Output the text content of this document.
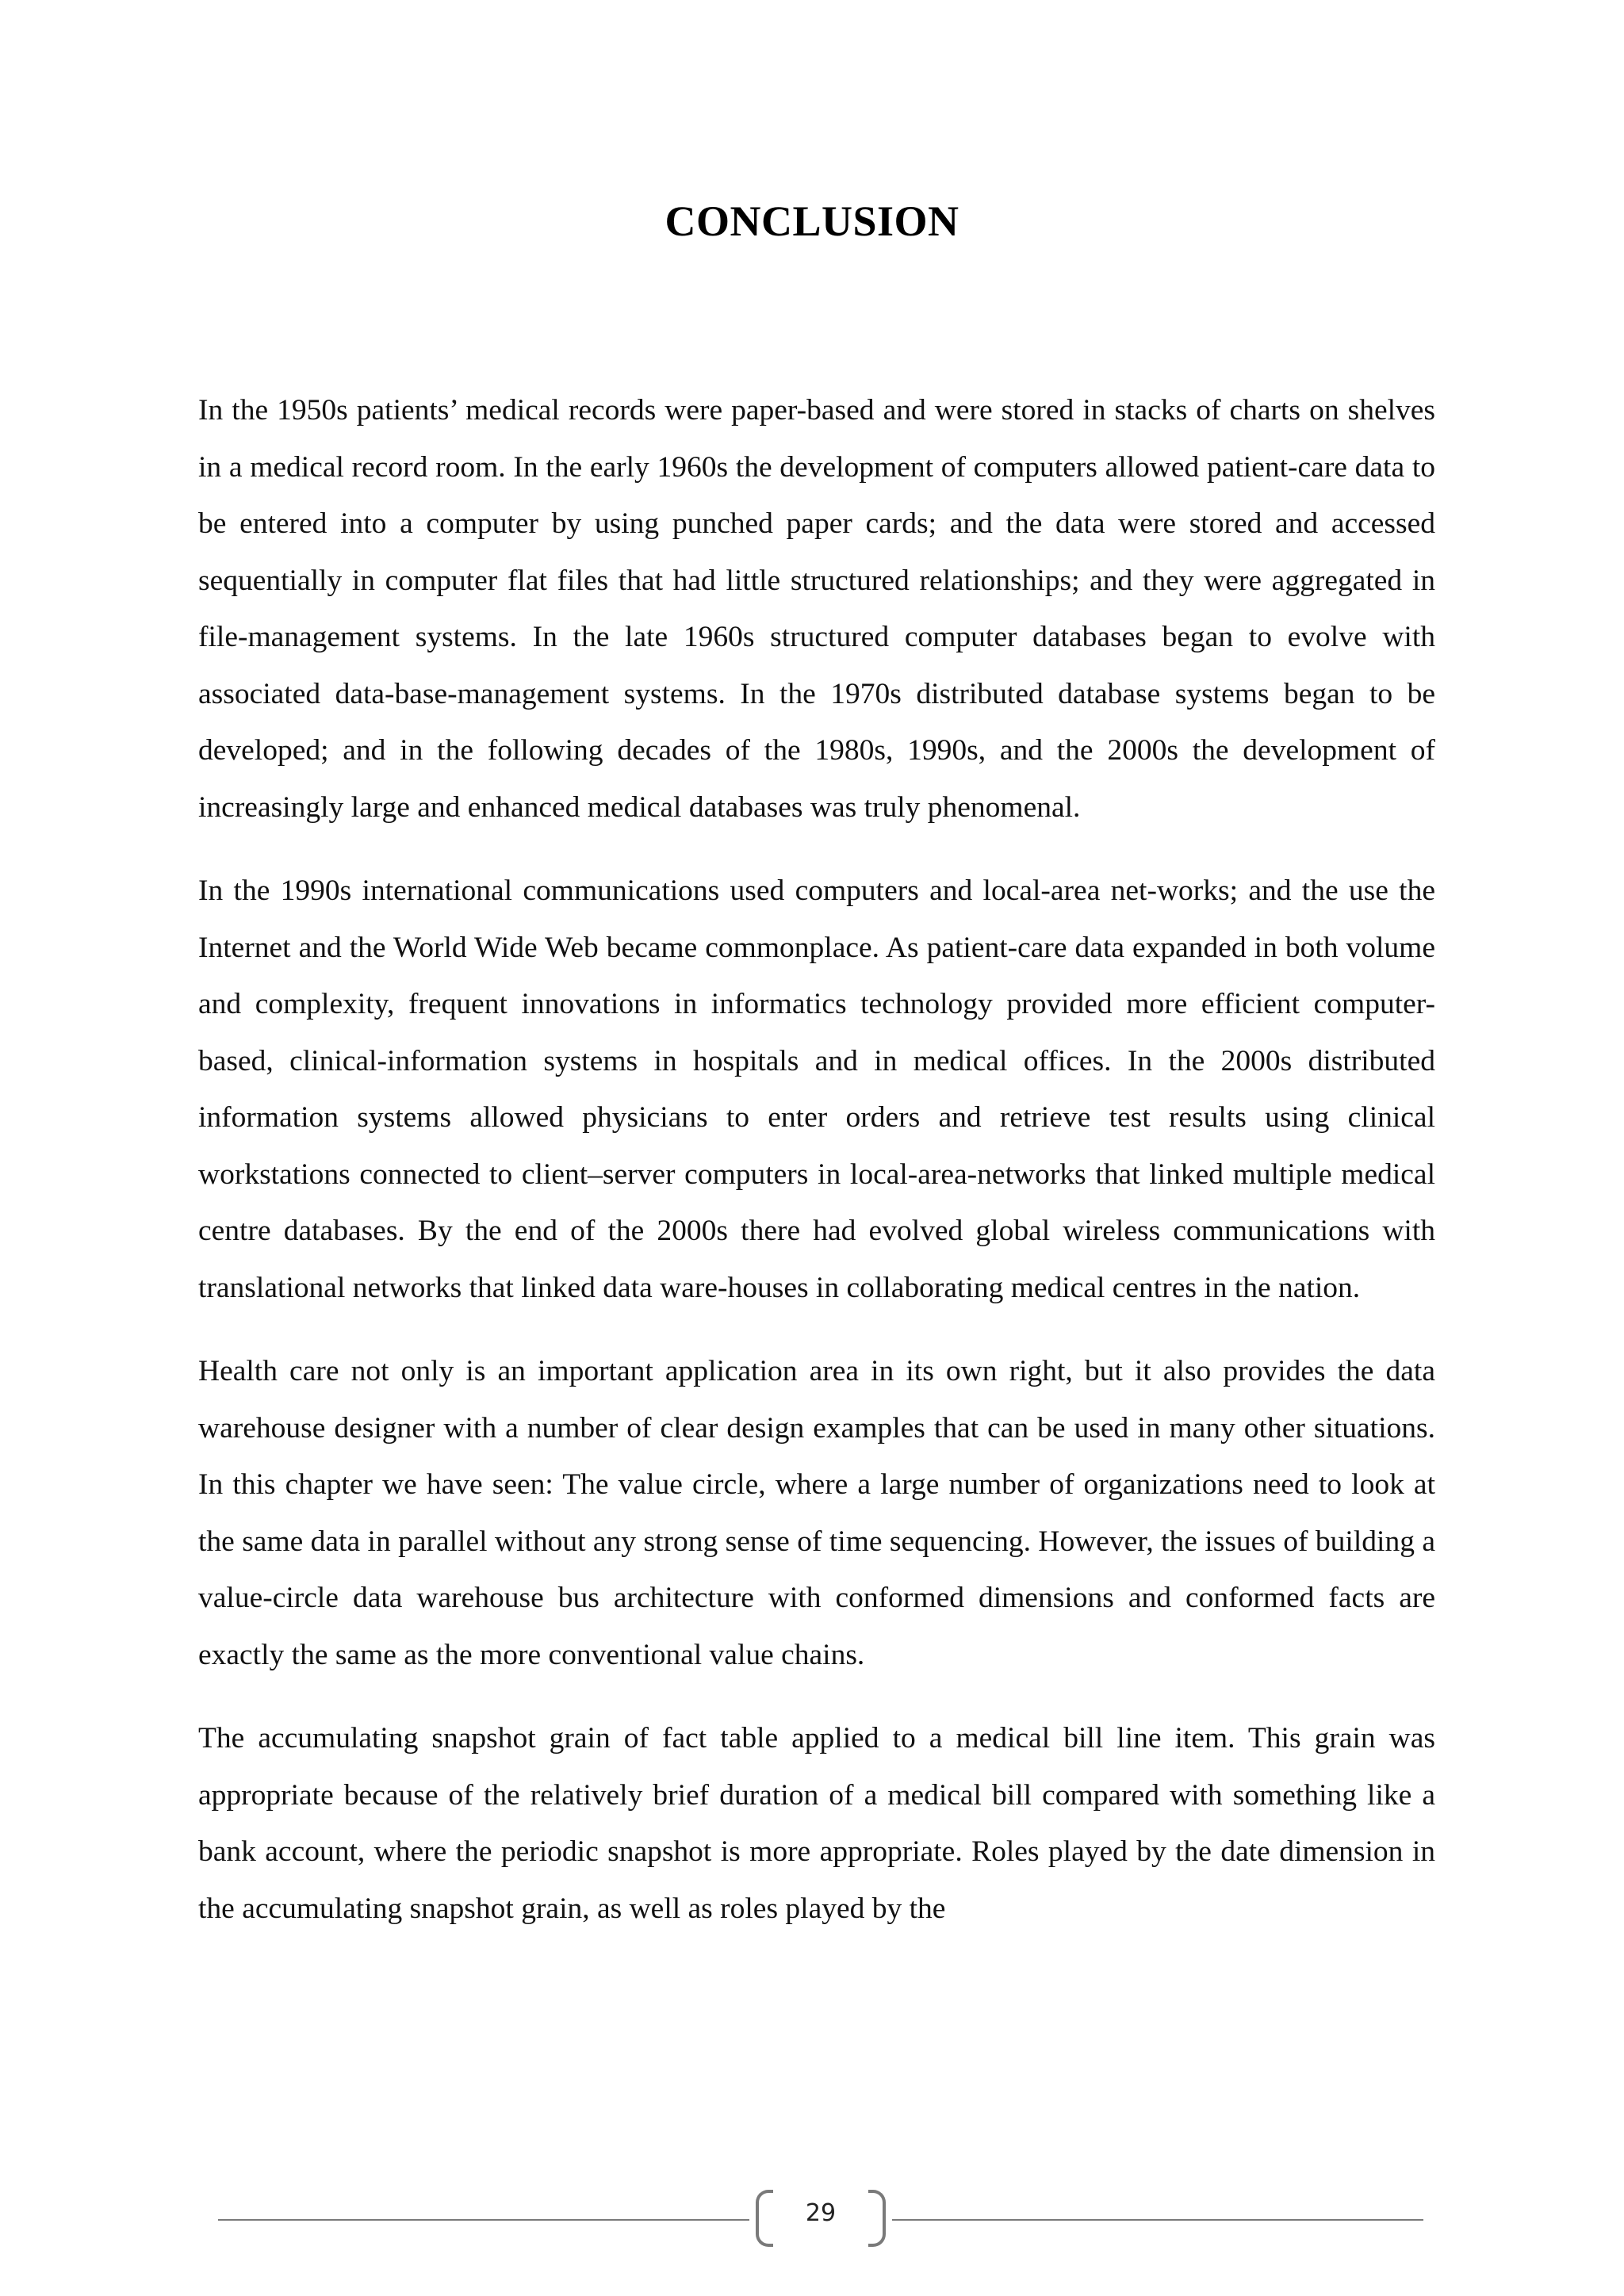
CONCLUSION

In the 1950s patients’ medical records were paper-based and were stored in stacks of charts on shelves in a medical record room. In the early 1960s the development of computers allowed patient-care data to be entered into a computer by using punched paper cards; and the data were stored and accessed sequentially in computer flat files that had little structured relationships; and they were aggregated in file-management systems. In the late 1960s structured computer databases began to evolve with associated data-base-management systems. In the 1970s distributed database systems began to be developed; and in the following decades of the 1980s, 1990s, and the 2000s the development of increasingly large and enhanced medical databases was truly phenomenal.

In the 1990s international communications used computers and local-area net-works; and the use the Internet and the World Wide Web became commonplace. As patient-care data expanded in both volume and complexity, frequent innovations in informatics technology provided more efficient computer-based, clinical-information systems in hospitals and in medical offices. In the 2000s distributed information systems allowed physicians to enter orders and retrieve test results using clinical workstations connected to client–server computers in local-area-networks that linked multiple medical centre databases. By the end of the 2000s there had evolved global wireless communications with translational networks that linked data ware-houses in collaborating medical centres in the nation.

Health care not only is an important application area in its own right, but it also provides the data warehouse designer with a number of clear design examples that can be used in many other situations. In this chapter we have seen: The value circle, where a large number of organizations need to look at the same data in parallel without any strong sense of time sequencing. However, the issues of building a value-circle data warehouse bus architecture with conformed dimensions and conformed facts are exactly the same as the more conventional value chains.

The accumulating snapshot grain of fact table applied to a medical bill line item. This grain was appropriate because of the relatively brief duration of a medical bill compared with something like a bank account, where the periodic snapshot is more appropriate. Roles played by the date dimension in the accumulating snapshot grain, as well as roles played by the

29
